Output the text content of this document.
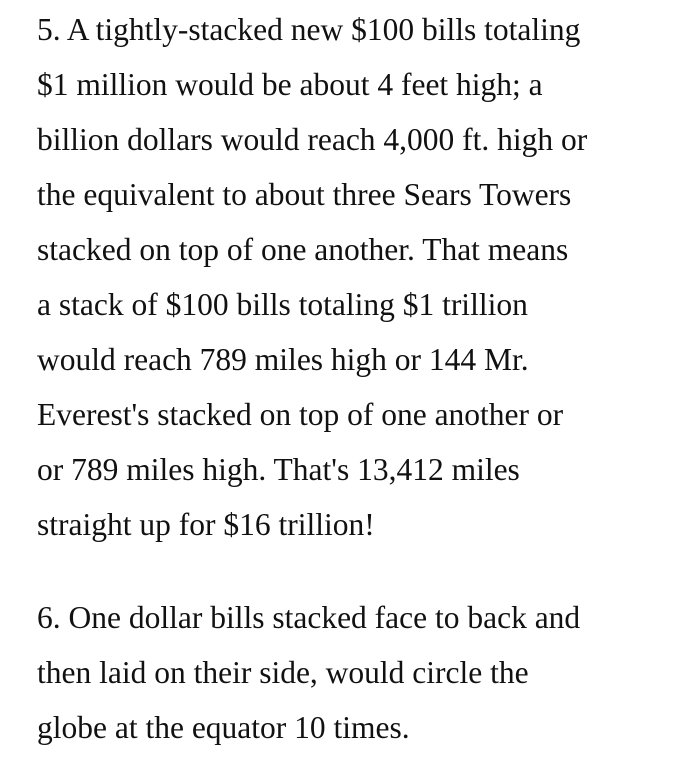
5. A tightly-stacked new $100 bills totaling
$1 million would be about 4 feet high; a
billion dollars would reach 4,000 ft. high or
the equivalent to about three Sears Towers
stacked on top of one another. That means
a stack of $100 bills totaling $1 trillion
would reach 789 miles high or 144 Mr.
Everest's stacked on top of one another or
or 789 miles high. That's 13,412 miles
straight up for $16 trillion!
6. One dollar bills stacked face to back and
then laid on their side, would circle the
globe at the equator 10 times.
